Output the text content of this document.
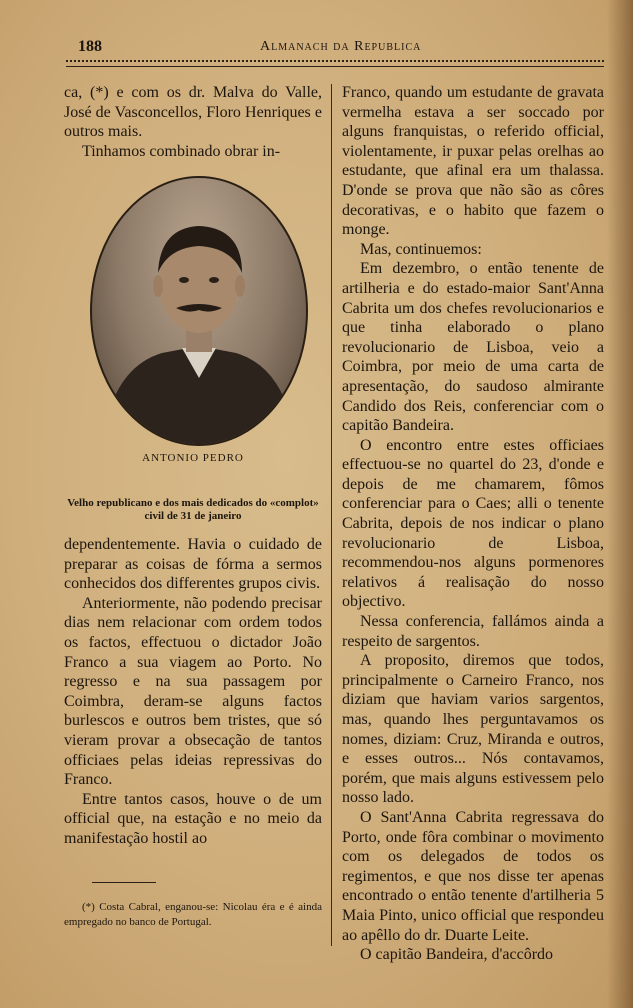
188	Almanach da Republica

ca, (*) e com os dr. Malva do Valle, José de Vasconcellos, Floro Henriques e outros mais.

Tinhamos combinado obrar in-

ANTONIO PEDRO
Velho republicano e dos mais dedicados do «complot» civil de 31 de janeiro

dependentemente. Havia o cuidado de preparar as coisas de fórma a sermos conhecidos dos differentes grupos civis.

Anteriormente, não podendo precisar dias nem relacionar com ordem todos os factos, effectuou o dictador João Franco a sua viagem ao Porto. No regresso e na sua passagem por Coimbra, deram-se alguns factos burlescos e outros bem tristes, que só vieram provar a obsecação de tantos officiaes pelas ideias repressivas do Franco.

Entre tantos casos, houve o de um official que, na estação e no meio da manifestação hostil ao

(*) Costa Cabral, enganou-se: Nicolau éra e é ainda empregado no banco de Portugal.

Franco, quando um estudante de gravata vermelha estava a ser soccado por alguns franquistas, o referido official, violentamente, ir puxar pelas orelhas ao estudante, que afinal era um thalassa. D'onde se prova que não são as côres decorativas, e o habito que fazem o monge.

Mas, continuemos:

Em dezembro, o então tenente de artilheria e do estado-maior Sant'Anna Cabrita um dos chefes revolucionarios e que tinha elaborado o plano revolucionario de Lisboa, veio a Coimbra, por meio de uma carta de apresentação, do saudoso almirante Candido dos Reis, conferenciar com o capitão Bandeira.

O encontro entre estes officiaes effectuou-se no quartel do 23, d'onde e depois de me chamarem, fômos conferenciar para o Caes; alli o tenente Cabrita, depois de nos indicar o plano revolucionario de Lisboa, recommendou-nos alguns pormenores relativos á realisação do nosso objectivo.

Nessa conferencia, fallámos ainda a respeito de sargentos.

A proposito, diremos que todos, principalmente o Carneiro Franco, nos diziam que haviam varios sargentos, mas, quando lhes perguntavamos os nomes, diziam: Cruz, Miranda e outros, e esses outros... Nós contavamos, porém, que mais alguns estivessem pelo nosso lado.

O Sant'Anna Cabrita regressava do Porto, onde fôra combinar o movimento com os delegados de todos os regimentos, e que nos disse ter apenas encontrado o então tenente d'artilheria 5 Maia Pinto, unico official que respondeu ao apêllo do dr. Duarte Leite.

O capitão Bandeira, d'accôrdo
